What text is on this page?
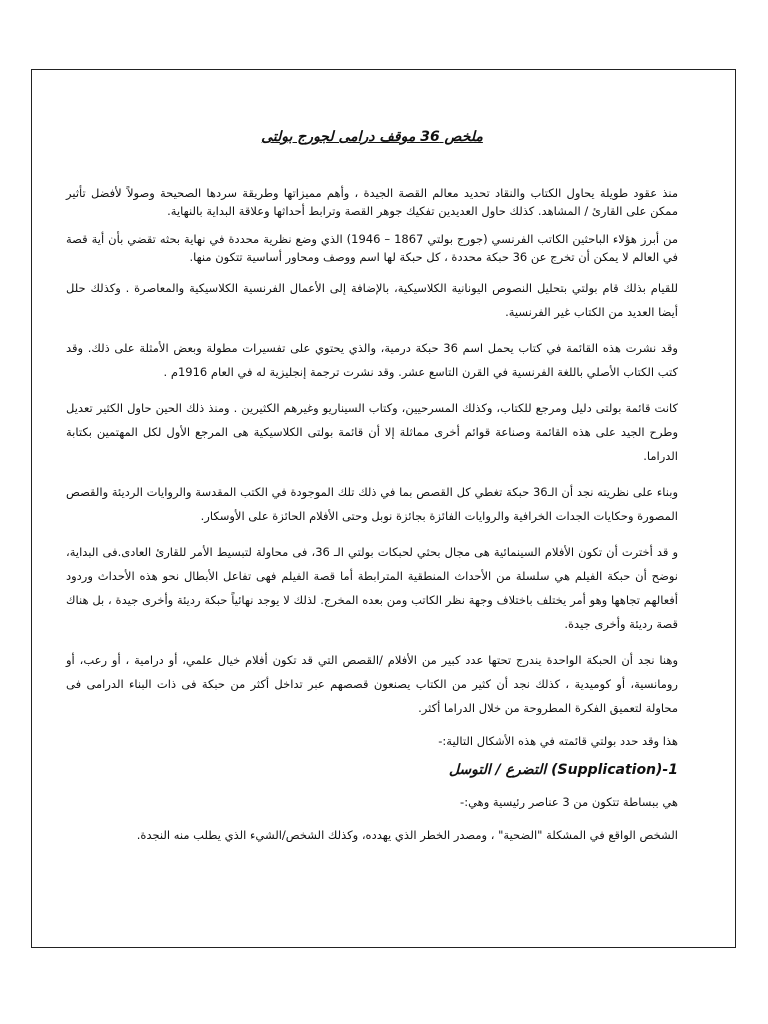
ملخص 36 موقف درامى لجورج بولتى

منذ عقود طويلة يحاول الكتاب والنقاد تحديد معالم القصة الجيدة ، وأهم مميزاتها وطريقة سردها الصحيحة وصولاً لأفضل تأثير ممكن على القارئ / المشاهد. كذلك حاول العديدين تفكيك جوهر القصة وترابط أحداثها وعلاقة البداية بالنهاية.

من أبرز هؤلاء الباحثين الكاتب الفرنسي (جورج بولتي 1867 – 1946) الذي وضع نظرية محددة في نهاية بحثه تقضي بأن أية قصة في العالم لا يمكن أن تخرج عن 36 حبكة محددة ، كل حبكة لها اسم ووصف ومحاور أساسية تتكون منها.

للقيام بذلك قام بولتي بتحليل النصوص اليونانية الكلاسيكية، بالإضافة إلى الأعمال الفرنسية الكلاسيكية والمعاصرة . وكذلك حلل أيضا العديد من الكتاب غير الفرنسية.

وقد نشرت هذه القائمة في كتاب يحمل اسم 36 حبكة درمية، والذي يحتوي على تفسيرات مطولة وبعض الأمثلة على ذلك. وقد كتب الكتاب الأصلي باللغة الفرنسية في القرن التاسع عشر. وقد نشرت ترجمة إنجليزية له في العام 1916م .

كانت قائمة بولتى دليل ومرجع للكتاب، وكذلك المسرحيين، وكتاب السيناريو وغيرهم الكثيرين . ومنذ ذلك الحين حاول الكثير تعديل وطرح الجيد على هذه القائمة وصناعة قوائم أخرى مماثلة إلا أن قائمة بولتى الكلاسيكية هى المرجع الأول لكل المهتمين بكتابة الدراما.

وبناء على نظريته نجد أن الـ36 حبكة تغطي كل القصص بما في ذلك تلك الموجودة في الكتب المقدسة والروايات الرديئة والقصص المصورة وحكايات الجدات الخرافية والروايات الفائزة بجائزة نوبل وحتى الأفلام الحائزة على الأوسكار.

و قد أخترت أن تكون الأفلام السينمائية هى مجال بحثي لحبكات بولتي الـ 36، فى محاولة لتبسيط الأمر للقارئ العادى.فى البداية، نوضح أن حبكة الفيلم هي سلسلة من الأحداث المنطقية المترابطة أما قصة الفيلم فهى تفاعل الأبطال نحو هذه الأحداث وردود أفعالهم تجاهها وهو أمر يختلف باختلاف وجهة نظر الكاتب ومن بعده المخرج. لذلك لا يوجد نهائياً حبكة رديئة وأخرى جيدة ، بل هناك قصة رديئة وأخرى جيدة.

وهنا نجد أن الحبكة الواحدة يندرج تحتها عدد كبير من الأفلام /القصص التي قد تكون أفلام خيال علمي، أو درامية ، أو رعب، أو رومانسية، أو كوميدية ، كذلك نجد أن كثير من الكتاب يصنعون قصصهم عبر تداخل أكثر من حبكة فى ذات البناء الدرامى فى محاولة لتعميق الفكرة المطروحة من خلال الدراما أكثر.

هذا وقد حدد بولتي قائمته في هذه الأشكال التالية:-

1-(Supplication) التضرع / التوسل

هي ببساطة تتكون من 3 عناصر رئيسية وهي:-

الشخص الواقع في المشكلة "الضحية" ، ومصدر الخطر الذي يهدده، وكذلك الشخص/الشيء الذي يطلب منه النجدة.
